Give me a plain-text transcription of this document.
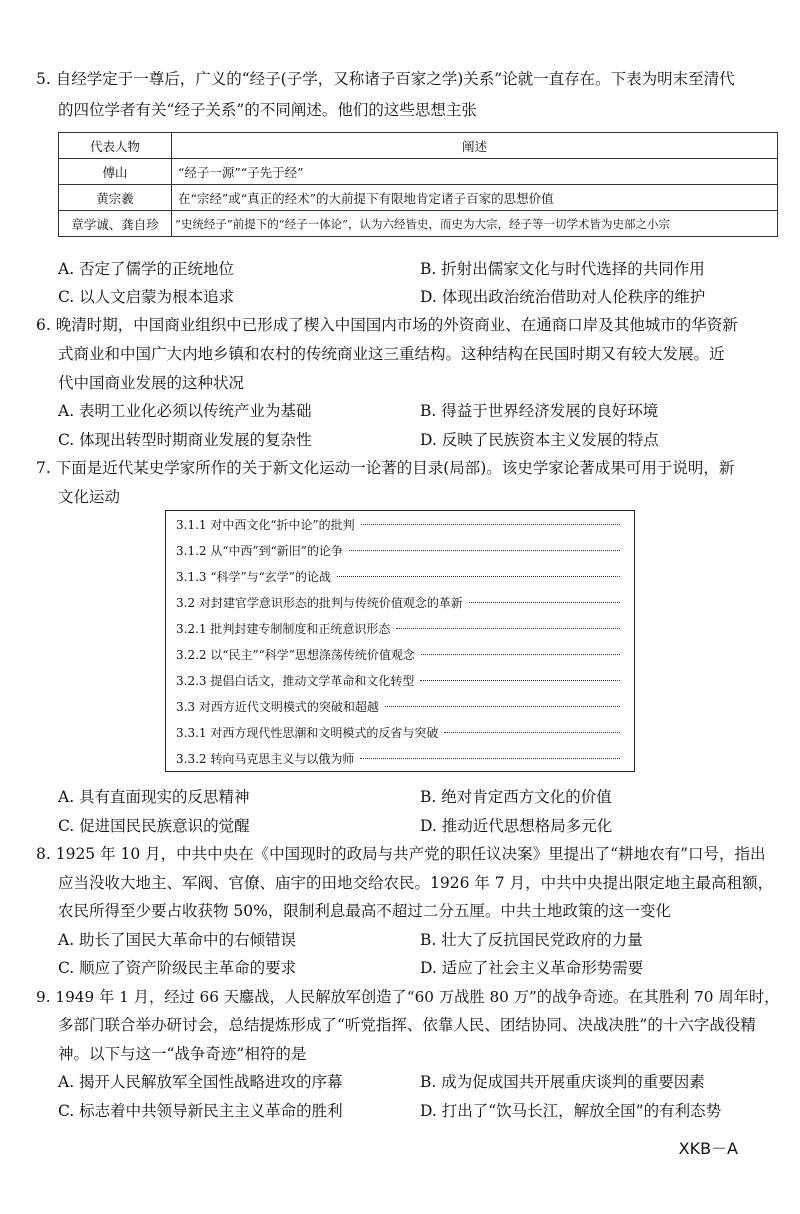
5. 自经学定于一尊后，广义的“经子(子学，又称诸子百家之学)关系”论就一直存在。下表为明末至清代
的四位学者有关“经子关系”的不同阐述。他们的这些思想主张
代表人物	阐述
傅山	“经子一源”“子先于经”
黄宗羲	在“宗经”或“真正的经术”的大前提下有限地肯定诸子百家的思想价值
章学诚、龚自珍	“史统经子”前提下的“经子一体论”，认为六经皆史，而史为大宗，经子等一切学术皆为史部之小宗
A. 否定了儒学的正统地位	B. 折射出儒家文化与时代选择的共同作用
C. 以人文启蒙为根本追求	D. 体现出政治统治借助对人伦秩序的维护
6. 晚清时期，中国商业组织中已形成了楔入中国国内市场的外资商业、在通商口岸及其他城市的华资新
式商业和中国广大内地乡镇和农村的传统商业这三重结构。这种结构在民国时期又有较大发展。近
代中国商业发展的这种状况
A. 表明工业化必须以传统产业为基础	B. 得益于世界经济发展的良好环境
C. 体现出转型时期商业发展的复杂性	D. 反映了民族资本主义发展的特点
7. 下面是近代某史学家所作的关于新文化运动一论著的目录(局部)。该史学家论著成果可用于说明，新
文化运动
3.1.1 对中西文化“折中论”的批判
3.1.2 从“中西”到“新旧”的论争
3.1.3 “科学”与“玄学”的论战
3.2 对封建官学意识形态的批判与传统价值观念的革新
3.2.1 批判封建专制制度和正统意识形态
3.2.2 以“民主”“科学”思想涤荡传统价值观念
3.2.3 提倡白话文，推动文学革命和文化转型
3.3 对西方近代文明模式的突破和超越
3.3.1 对西方现代性思潮和文明模式的反省与突破
3.3.2 转向马克思主义与以俄为师
A. 具有直面现实的反思精神	B. 绝对肯定西方文化的价值
C. 促进国民民族意识的觉醒	D. 推动近代思想格局多元化
8. 1925 年 10 月，中共中央在《中国现时的政局与共产党的职任议决案》里提出了“耕地农有”口号，指出
应当没收大地主、军阀、官僚、庙宇的田地交给农民。1926 年 7 月，中共中央提出限定地主最高租额，
农民所得至少要占收获物 50%，限制利息最高不超过二分五厘。中共土地政策的这一变化
A. 助长了国民大革命中的右倾错误	B. 壮大了反抗国民党政府的力量
C. 顺应了资产阶级民主革命的要求	D. 适应了社会主义革命形势需要
9. 1949 年 1 月，经过 66 天鏖战，人民解放军创造了“60 万战胜 80 万”的战争奇迹。在其胜利 70 周年时，
多部门联合举办研讨会，总结提炼形成了“听党指挥、依靠人民、团结协同、决战决胜”的十六字战役精
神。以下与这一“战争奇迹”相符的是
A. 揭开人民解放军全国性战略进攻的序幕	B. 成为促成国共开展重庆谈判的重要因素
C. 标志着中共领导新民主主义革命的胜利	D. 打出了“饮马长江，解放全国”的有利态势
XKB－A
